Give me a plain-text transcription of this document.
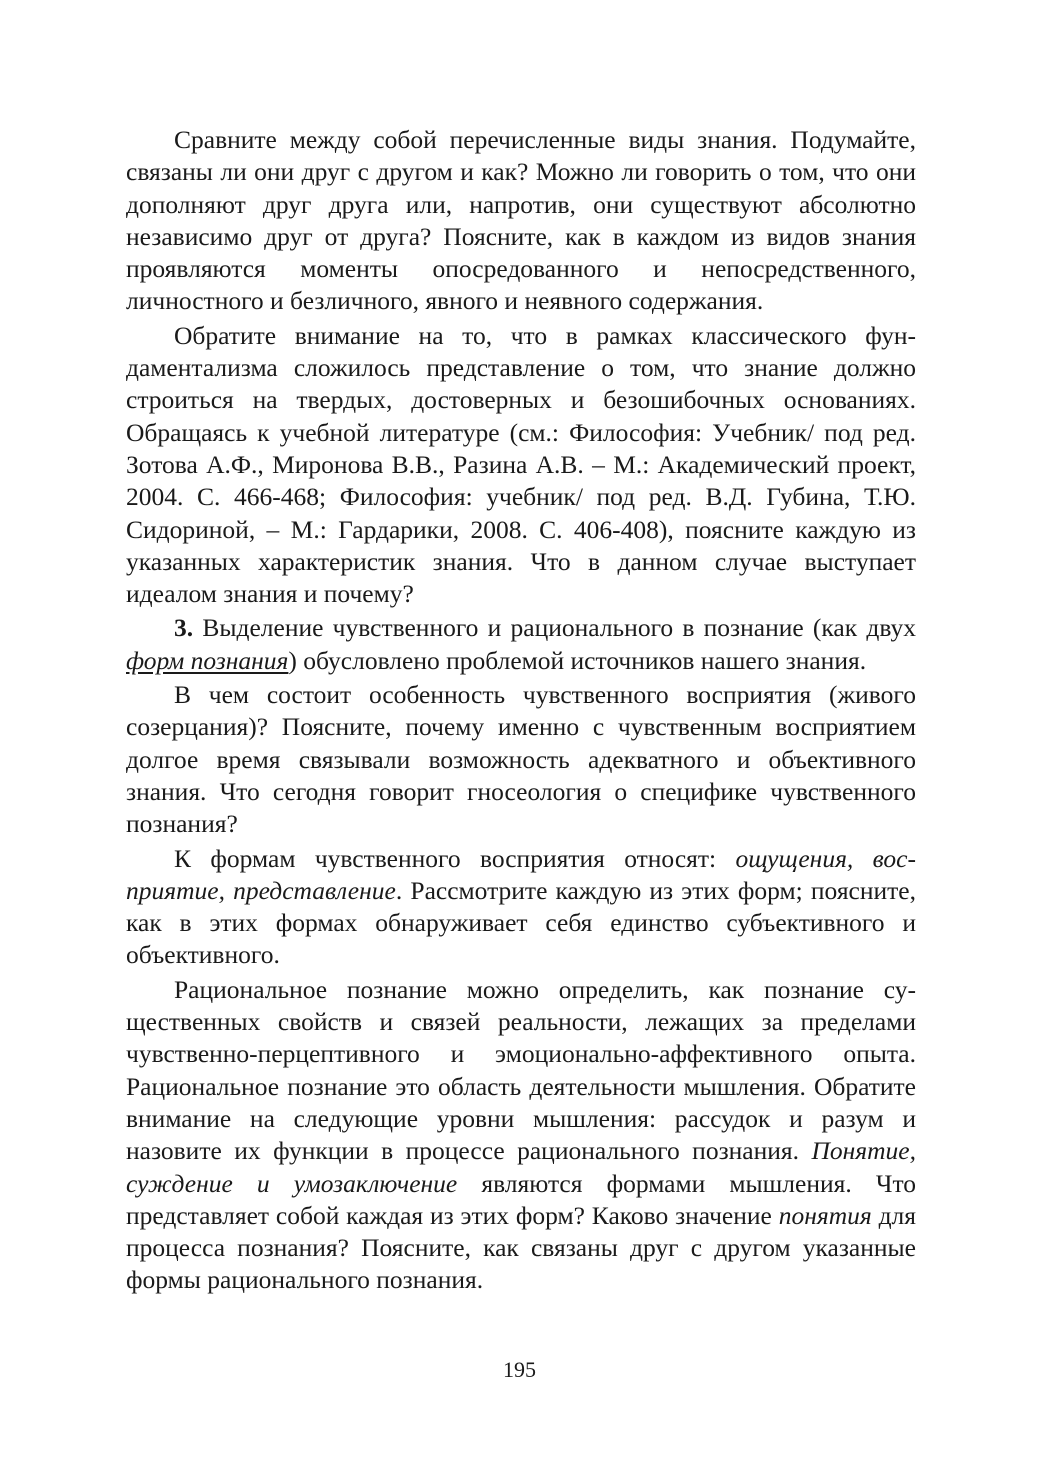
Сравните между собой перечисленные виды знания. Подумайте, связаны ли они друг с другом и как? Можно ли говорить о том, что они дополняют друг друга или, напротив, они существуют абсолютно независимо друг от друга? Поясните, как в каждом из видов знания проявляются моменты опосредованного и непосредственного, личностного и безличного, явного и неявного содержания.

Обратите внимание на то, что в рамках классического фундаментализма сложилось представление о том, что знание должно строиться на твердых, достоверных и безошибочных основаниях. Обращаясь к учебной литературе (см.: Философия: Учебник/ под ред. Зотова А.Ф., Миронова В.В., Разина А.В. – М.: Академический проект, 2004. С. 466-468; Философия: учебник/ под ред. В.Д. Губина, Т.Ю. Сидориной, – М.: Гардарики, 2008. С. 406-408), поясните каждую из указанных характеристик знания. Что в данном случае выступает идеалом знания и почему?

3. Выделение чувственного и рационального в познание (как двух форм познания) обусловлено проблемой источников нашего знания.

В чем состоит особенность чувственного восприятия (живого созерцания)? Поясните, почему именно с чувственным восприятием долгое время связывали возможность адекватного и объективного знания. Что сегодня говорит гносеология о специфике чувственного познания?

К формам чувственного восприятия относят: ощущения, восприятие, представление. Рассмотрите каждую из этих форм; поясните, как в этих формах обнаруживает себя единство субъективного и объективного.

Рациональное познание можно определить, как познание существенных свойств и связей реальности, лежащих за пределами чувственно-перцептивного и эмоционально-аффективного опыта. Рациональное познание это область деятельности мышления. Обратите внимание на следующие уровни мышления: рассудок и разум и назовите их функции в процессе рационального познания. Понятие, суждение и умозаключение являются формами мышления. Что представляет собой каждая из этих форм? Каково значение понятия для процесса познания? Поясните, как связаны друг с другом указанные формы рационального познания.

195
